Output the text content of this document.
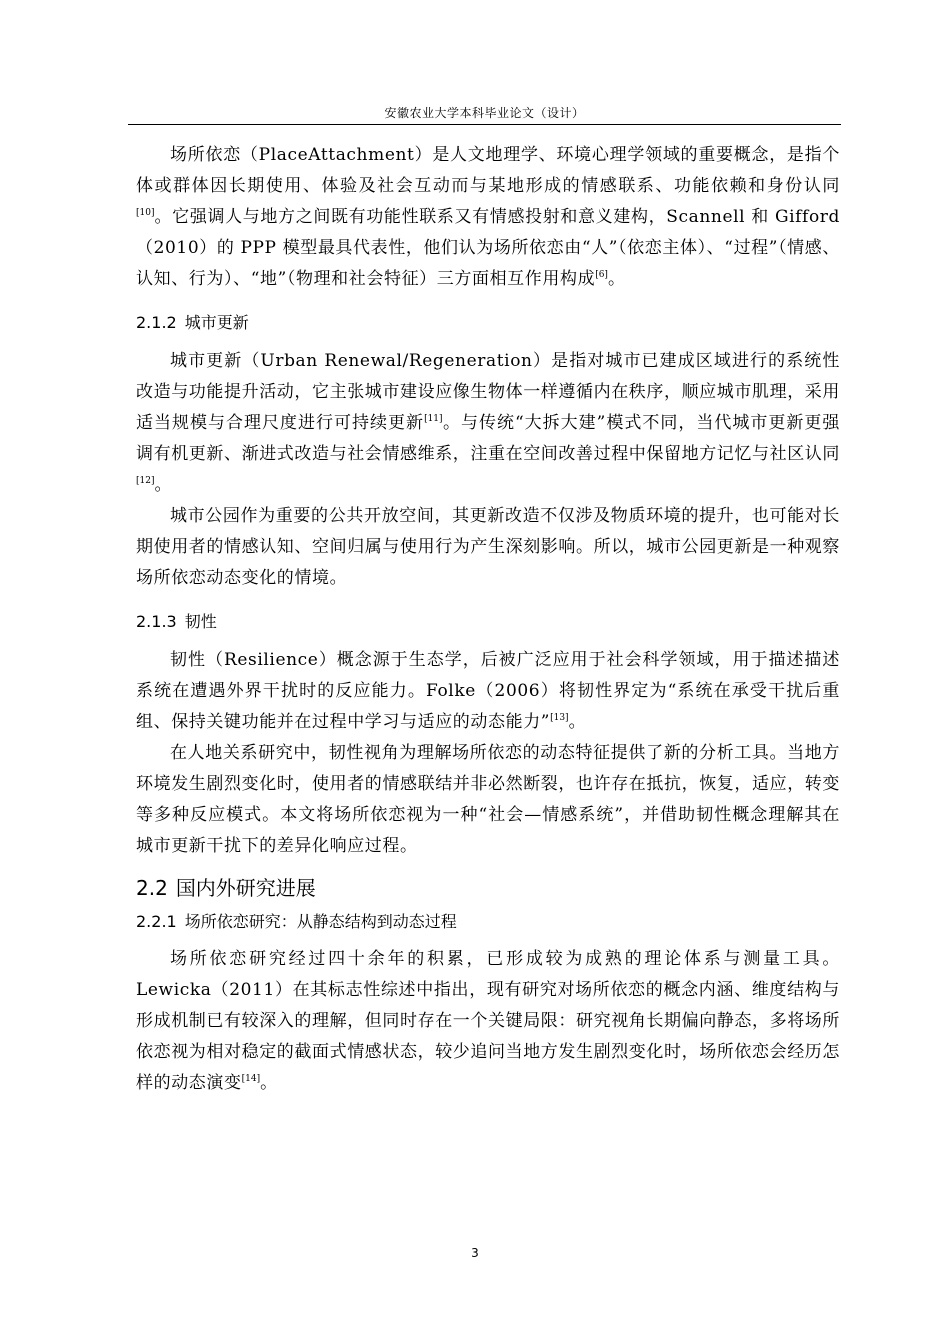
安徽农业大学本科毕业论文（设计）

场所依恋（PlaceAttachment）是人文地理学、环境心理学领域的重要概念，是指个体或群体因长期使用、体验及社会互动而与某地形成的情感联系、功能依赖和身份认同[10]。它强调人与地方之间既有功能性联系又有情感投射和意义建构，Scannell 和 Gifford（2010）的 PPP 模型最具代表性，他们认为场所依恋由“人”（依恋主体）、“过程”（情感、认知、行为）、“地”（物理和社会特征）三方面相互作用构成[6]。

2.1.2 城市更新

城市更新（Urban Renewal/Regeneration）是指对城市已建成区域进行的系统性改造与功能提升活动，它主张城市建设应像生物体一样遵循内在秩序，顺应城市肌理，采用适当规模与合理尺度进行可持续更新[11]。与传统“大拆大建”模式不同，当代城市更新更强调有机更新、渐进式改造与社会情感维系，注重在空间改善过程中保留地方记忆与社区认同[12]。

城市公园作为重要的公共开放空间，其更新改造不仅涉及物质环境的提升，也可能对长期使用者的情感认知、空间归属与使用行为产生深刻影响。所以，城市公园更新是一种观察场所依恋动态变化的情境。

2.1.3 韧性

韧性（Resilience）概念源于生态学，后被广泛应用于社会科学领域，用于描述描述系统在遭遇外界干扰时的反应能力。Folke（2006）将韧性界定为“系统在承受干扰后重组、保持关键功能并在过程中学习与适应的动态能力”[13]。

在人地关系研究中，韧性视角为理解场所依恋的动态特征提供了新的分析工具。当地方环境发生剧烈变化时，使用者的情感联结并非必然断裂，也许存在抵抗，恢复，适应，转变等多种反应模式。本文将场所依恋视为一种“社会—情感系统”，并借助韧性概念理解其在城市更新干扰下的差异化响应过程。

2.2 国内外研究进展
2.2.1 场所依恋研究：从静态结构到动态过程

场所依恋研究经过四十余年的积累，已形成较为成熟的理论体系与测量工具。Lewicka（2011）在其标志性综述中指出，现有研究对场所依恋的概念内涵、维度结构与形成机制已有较深入的理解，但同时存在一个关键局限：研究视角长期偏向静态，多将场所依恋视为相对稳定的截面式情感状态，较少追问当地方发生剧烈变化时，场所依恋会经历怎样的动态演变[14]。

3
